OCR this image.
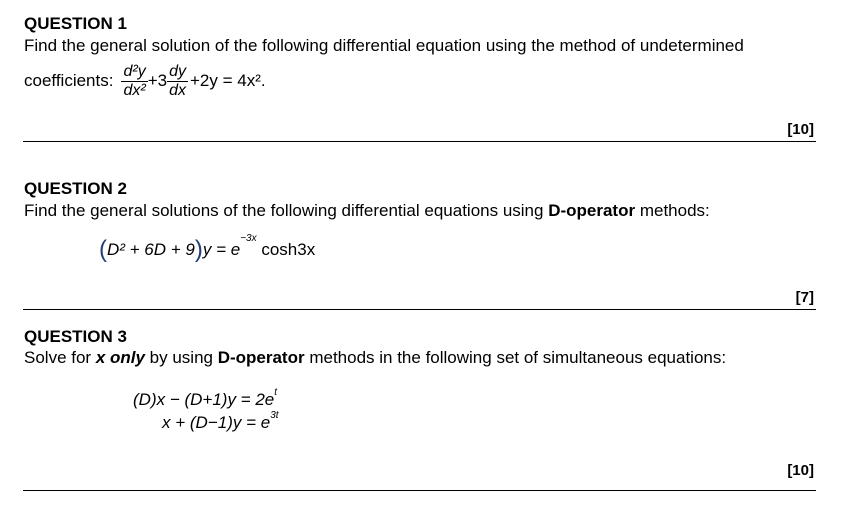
QUESTION 1
Find the general solution of the following differential equation using the method of undetermined
coefficients: $\frac{\text{d²y}}{\text{dx²}} +3 \frac{dy}{dx} +2y = 4x^2$.
[10]
QUESTION 2
Find the general solutions of the following differential equations using D-operator methods:
$(D^2 + 6D + 9)y = e^{-3x}$ cosh3x
[7]
QUESTION 3
Solve for x only by using D-operator methods in the following set of simultaneous equations:
$(D)x - (D+1)y = 2e^t$
$x + (D-1)y = e^{3t}$
[10]
